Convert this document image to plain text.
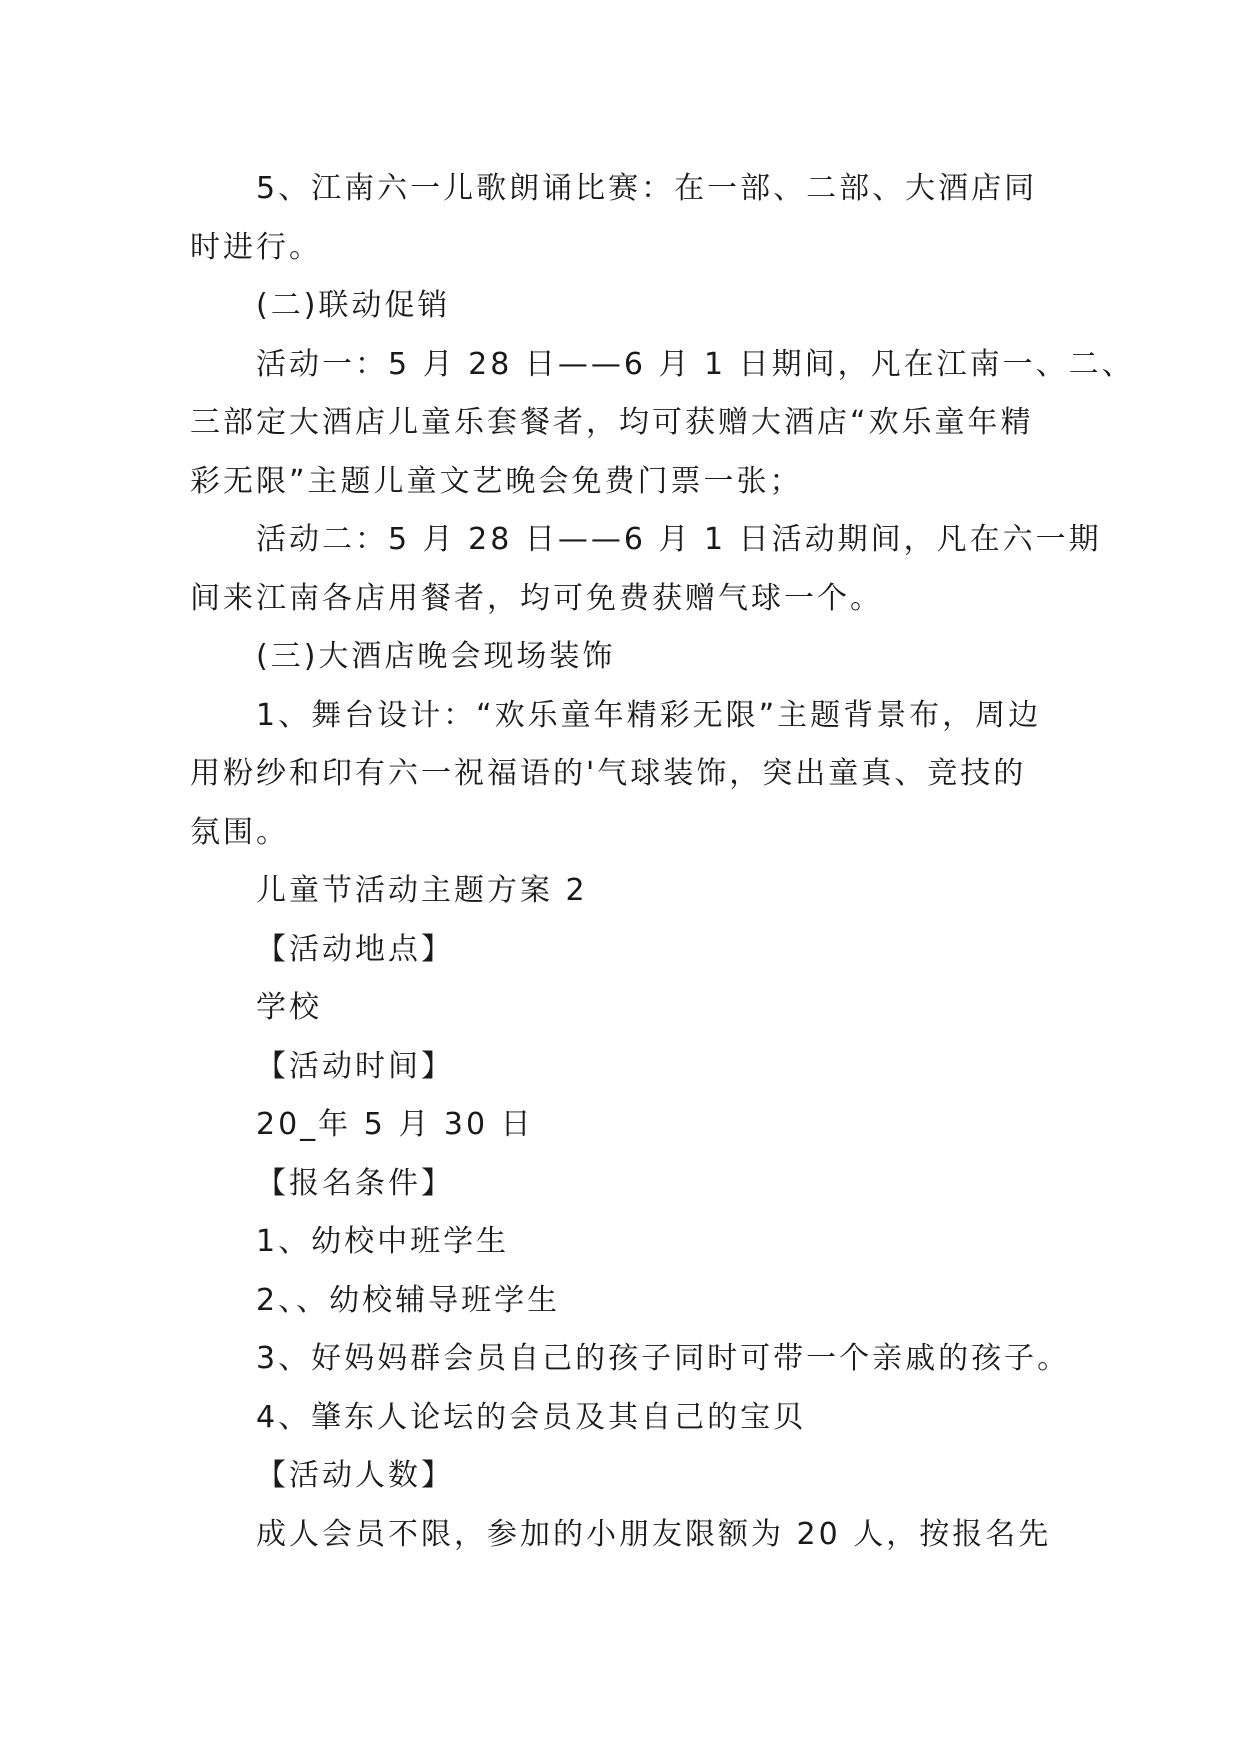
5、江南六一儿歌朗诵比赛：在一部、二部、大酒店同

时进行。

(二)联动促销

活动一：5 月 28 日——6 月 1 日期间，凡在江南一、二、

三部定大酒店儿童乐套餐者，均可获赠大酒店“欢乐童年精

彩无限”主题儿童文艺晚会免费门票一张；

活动二：5 月 28 日——6 月 1 日活动期间，凡在六一期

间来江南各店用餐者，均可免费获赠气球一个。

(三)大酒店晚会现场装饰

1、舞台设计：“欢乐童年精彩无限”主题背景布，周边

用粉纱和印有六一祝福语的'气球装饰，突出童真、竞技的

氛围。

儿童节活动主题方案 2

【活动地点】

学校

【活动时间】

20_年 5 月 30 日

【报名条件】

1、幼校中班学生

2、、幼校辅导班学生

3、好妈妈群会员自己的孩子同时可带一个亲戚的孩子。

4、肇东人论坛的会员及其自己的宝贝

【活动人数】

成人会员不限，参加的小朋友限额为 20 人，按报名先
